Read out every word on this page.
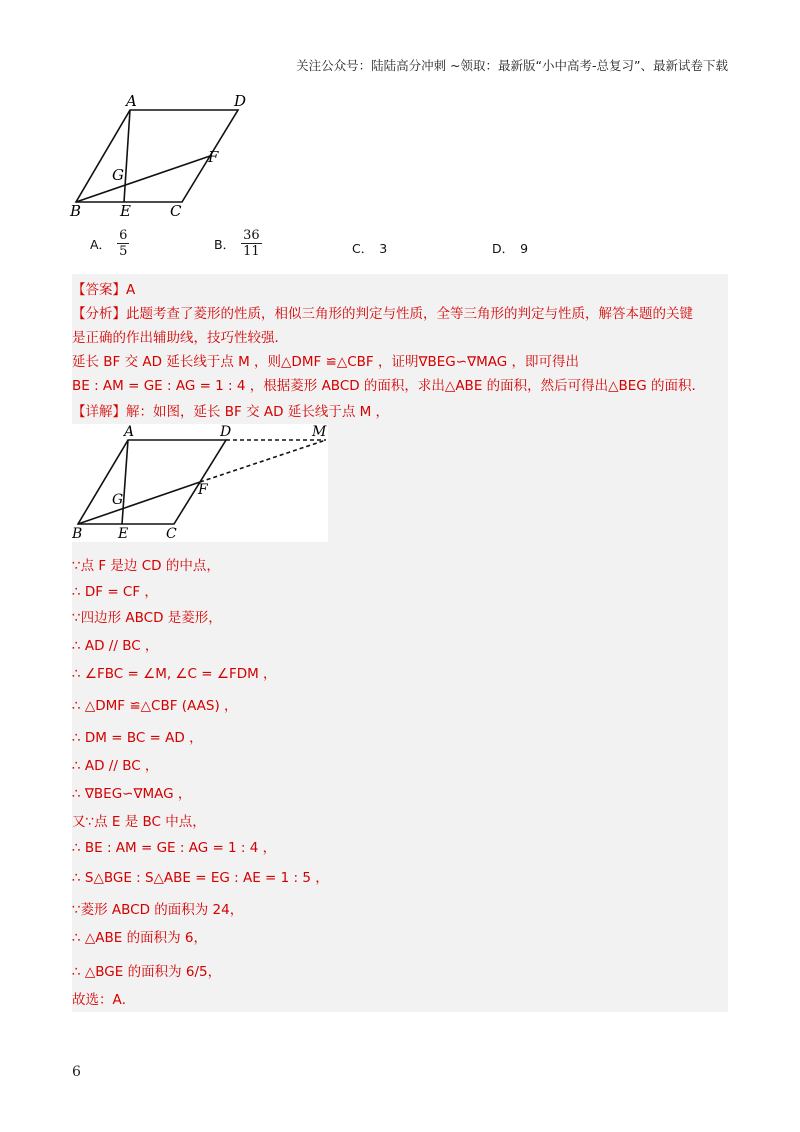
关注公众号：陆陆高分冲刺 ~领取：最新版“小中高考-总复习”、最新试卷下载
A	D
G
F
B	E	C
A． $\frac{6}{5}$	B． $\frac{36}{11}$	C． 3	D． 9
【答案】A
【分析】此题考查了菱形的性质，相似三角形的判定与性质，全等三角形的判定与性质，解答本题的关键
是正确的作出辅助线，技巧性较强．
延长 BF 交 AD 延长线于点 M ，则△DMF ≌△CBF ，证明∇BEG∽∇MAG ，即可得出
BE : AM = GE : AG = 1 : 4 ，根据菱形 ABCD 的面积，求出△ABE 的面积，然后可得出△BEG 的面积．
【详解】解：如图，延长 BF 交 AD 延长线于点 M ，
A	D	M
G
F
B	E	C
∵点 F 是边 CD 的中点，
∴ DF = CF ，
∵四边形 ABCD 是菱形，
∴ AD // BC ，
∴ ∠FBC = ∠M, ∠C = ∠FDM ，
∴ △DMF ≌△CBF (AAS) ，
∴ DM = BC = AD ，
∴ AD // BC ，
∴ ∇BEG∽∇MAG ，
又∵点 E 是 BC 中点，
∴ BE : AM = GE : AG = 1 : 4 ，
∴ S△BGE : S△ABE = EG : AE = 1 : 5 ，
∵菱形 ABCD 的面积为 24，
∴ △ABE 的面积为 6，
∴ △BGE 的面积为 6/5，
故选：A．
6
